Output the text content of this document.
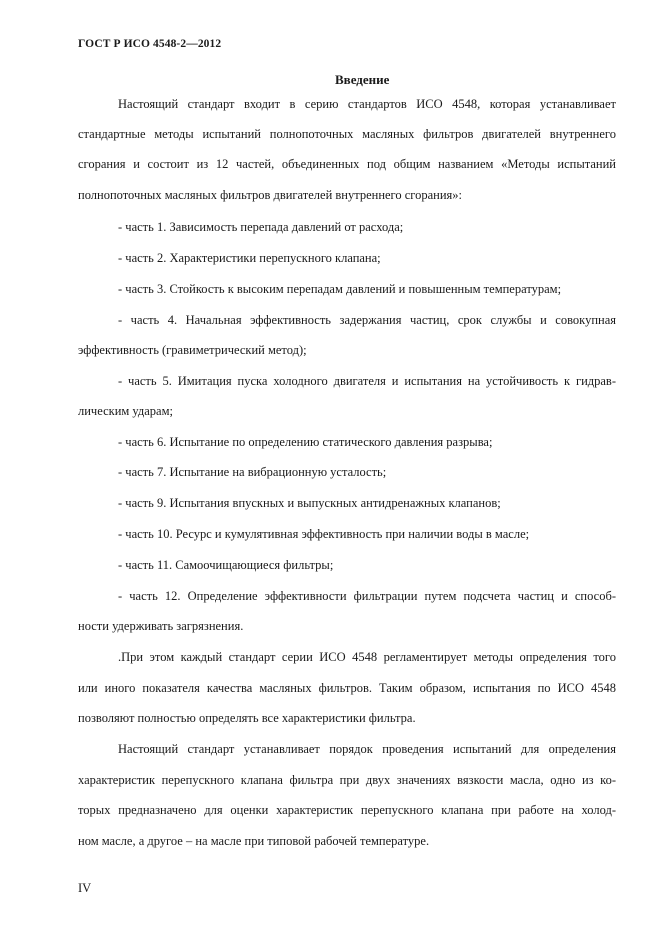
ГОСТ Р ИСО 4548-2—2012
Введение
Настоящий стандарт входит в серию стандартов ИСО 4548, которая устанавливает
стандартные методы испытаний полнопоточных масляных фильтров двигателей внутреннего
сгорания и состоит из 12 частей, объединенных под общим названием «Методы испытаний
полнопоточных масляных фильтров двигателей внутреннего сгорания»:
- часть 1. Зависимость перепада давлений от расхода;
- часть 2. Характеристики перепускного клапана;
- часть 3. Стойкость к высоким перепадам давлений и повышенным температурам;
- часть 4. Начальная эффективность задержания частиц, срок службы и совокупная
эффективность (гравиметрический метод);
- часть 5. Имитация пуска холодного двигателя и испытания на устойчивость к гидрав-
лическим ударам;
- часть 6. Испытание по определению статического давления разрыва;
- часть 7. Испытание на вибрационную усталость;
- часть 9. Испытания впускных и выпускных антидренажных клапанов;
- часть 10. Ресурс и кумулятивная эффективность при наличии воды в масле;
- часть 11. Самоочищающиеся фильтры;
- часть 12. Определение эффективности фильтрации путем подсчета частиц и способ-
ности удерживать загрязнения.
.При этом каждый стандарт серии ИСО 4548 регламентирует методы определения того
или иного показателя качества масляных фильтров. Таким образом, испытания по ИСО 4548
позволяют полностью определять все характеристики фильтра.
Настоящий стандарт устанавливает порядок проведения испытаний для определения
характеристик перепускного клапана фильтра при двух значениях вязкости масла, одно из ко-
торых предназначено для оценки характеристик перепускного клапана при работе на холод-
ном масле, а другое – на масле при типовой рабочей температуре.
IV
